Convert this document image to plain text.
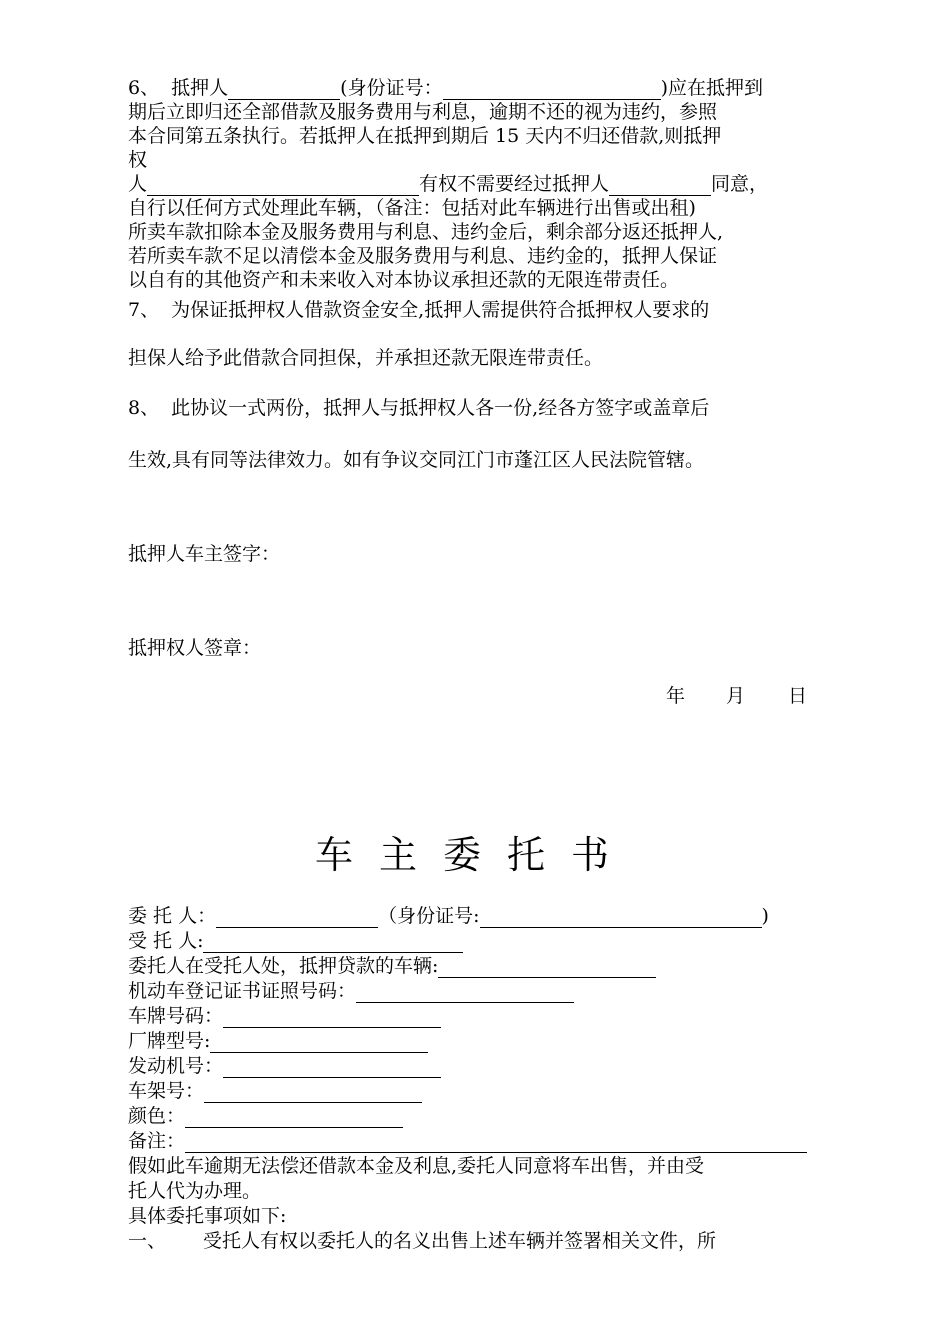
6、  抵押人	(身份证号：	)应在抵押到
期后立即归还全部借款及服务费用与利息，逾期不还的视为违约，参照
本合同第五条执行。若抵押人在抵押到期后 15 天内不归还借款,则抵押
权
人	有权不需要经过抵押人	同意，
自行以任何方式处理此车辆，（备注：包括对此车辆进行出售或出租)
所卖车款扣除本金及服务费用与利息、违约金后，剩余部分返还抵押人,
若所卖车款不足以清偿本金及服务费用与利息、违约金的，抵押人保证
以自有的其他资产和未来收入对本协议承担还款的无限连带责任。
7、  为保证抵押权人借款资金安全,抵押人需提供符合抵押权人要求的
担保人给予此借款合同担保，并承担还款无限连带责任。
8、  此协议一式两份，抵押人与抵押权人各一份,经各方签字或盖章后
生效,具有同等法律效力。如有争议交同江门市蓬江区人民法院管辖。
抵押人车主签字：
抵押权人签章：
年 月 日
车主委托书
委 托 人：	（身份证号:	)
受 托 人:
委托人在受托人处，抵押贷款的车辆:
机动车登记证书证照号码：
车牌号码：
厂牌型号:
发动机号：
车架号：
颜色：
备注：
假如此车逾期无法偿还借款本金及利息,委托人同意将车出售，并由受
托人代为办理。
具体委托事项如下:
一、 受托人有权以委托人的名义出售上述车辆并签署相关文件，所
